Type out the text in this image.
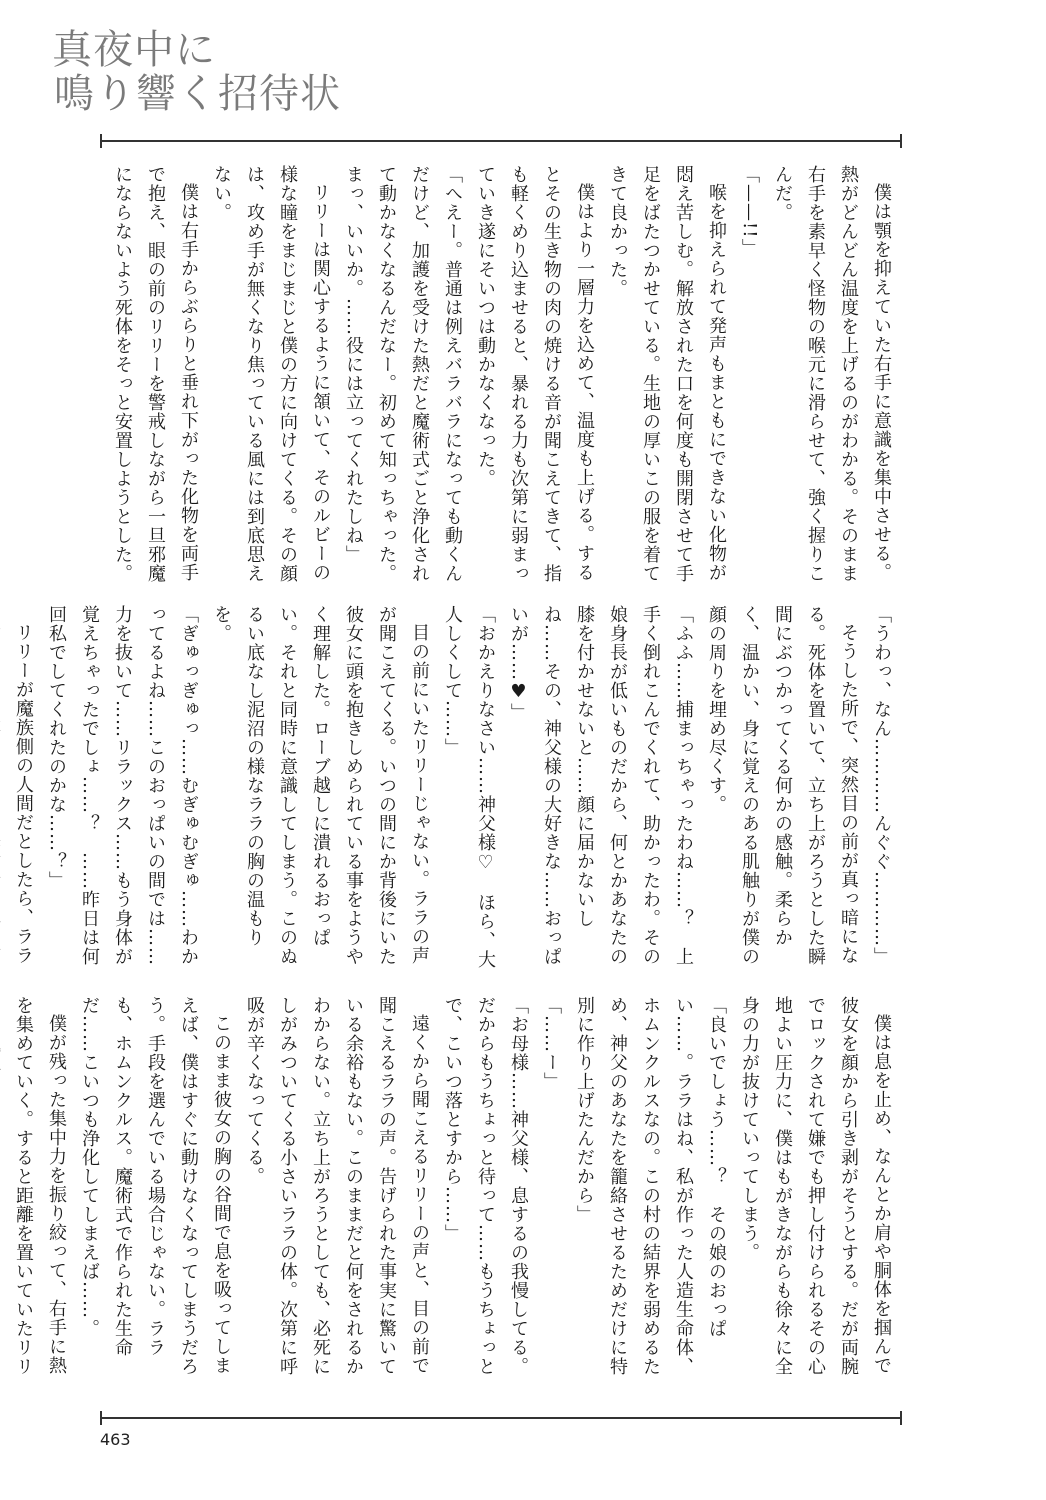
真夜中に

鳴り響く招待状

僕は顎を抑えていた右手に意識を集中させる。熱がどんどん温度を上げるのがわかる。そのまま右手を素早く怪物の喉元に滑らせて、強く握りこんだ。

「——!!」

喉を抑えられて発声もまともにできない化物が悶え苦しむ。解放された口を何度も開閉させて手足をばたつかせている。生地の厚いこの服を着てきて良かった。

僕はより一層力を込めて、温度も上げる。するとその生き物の肉の焼ける音が聞こえてきて、指も軽くめり込ませると、暴れる力も次第に弱まっていき遂にそいつは動かなくなった。

「へえー。普通は例えバラバラになっても動くんだけど、加護を受けた熱だと魔術式ごと浄化されて動かなくなるんだなー。初めて知っちゃった。まっ、いいか。……役には立ってくれたしね」

リリーは関心するように頷いて、そのルビーの様な瞳をまじまじと僕の方に向けてくる。その顔は、攻め手が無くなり焦っている風には到底思えない。

僕は右手からぶらりと垂れ下がった化物を両手で抱え、眼の前のリリーを警戒しながら一旦邪魔にならないよう死体をそっと安置しようとした。

「うわっ、なん…………んぐぐ…………」

そうした所で、突然目の前が真っ暗になる。死体を置いて、立ち上がろうとした瞬間にぶつかってくる何かの感触。柔らかく、温かい、身に覚えのある肌触りが僕の顔の周りを埋め尽くす。

「ふふ……捕まっちゃったわね……？　上手く倒れこんでくれて、助かったわ。その娘身長が低いものだから、何とかあなたの膝を付かせないと……顔に届かないしね……その、神父様の大好きな……おっぱいが……♥」

「おかえりなさい……神父様♡　ほら、大人しくして……」

目の前にいたリリーじゃない。ララの声が聞こえてくる。いつの間にか背後にいた彼女に頭を抱きしめられている事をようやく理解した。ローブ越しに潰れるおっぱい。それと同時に意識してしまう。このぬるい底なし泥沼の様なララの胸の温もりを。

「ぎゅっぎゅっ……むぎゅむぎゅ……わかってるよね……このおっぱいの間では……力を抜いて……リラックス……もう身体が覚えちゃったでしょ……？　……昨日は何回私でしてくれたのかな……？」

リリーが魔族側の人間だとしたら、ララ

僕は息を止め、なんとか肩や胴体を掴んで彼女を顔から引き剥がそうとする。だが両腕でロックされて嫌でも押し付けられるその心地よい圧力に、僕はもがきながらも徐々に全身の力が抜けていってしまう。

「良いでしょう……？　その娘のおっぱい……。ララはね、私が作った人造生命体、ホムンクルスなの。この村の結界を弱めるため、神父のあなたを籠絡させるためだけに特別に作り上げたんだから」

「……ー」

「お母様……神父様、息するの我慢してる。だからもうちょっと待って……もうちょっとで、こいつ落とすから……」

遠くから聞こえるリリーの声と、目の前で聞こえるララの声。告げられた事実に驚いている余裕もない。このままだと何をされるかわからない。立ち上がろうとしても、必死にしがみついてくる小さいララの体。次第に呼吸が辛くなってくる。

このまま彼女の胸の谷間で息を吸ってしまえば、僕はすぐに動けなくなってしまうだろう。手段を選んでいる場合じゃない。ララも、ホムンクルス。魔術式で作られた生命だ……こいつも浄化してしまえば……。

僕が残った集中力を振り絞って、右手に熱を集めていく。すると距離を置いていたリリ

463
